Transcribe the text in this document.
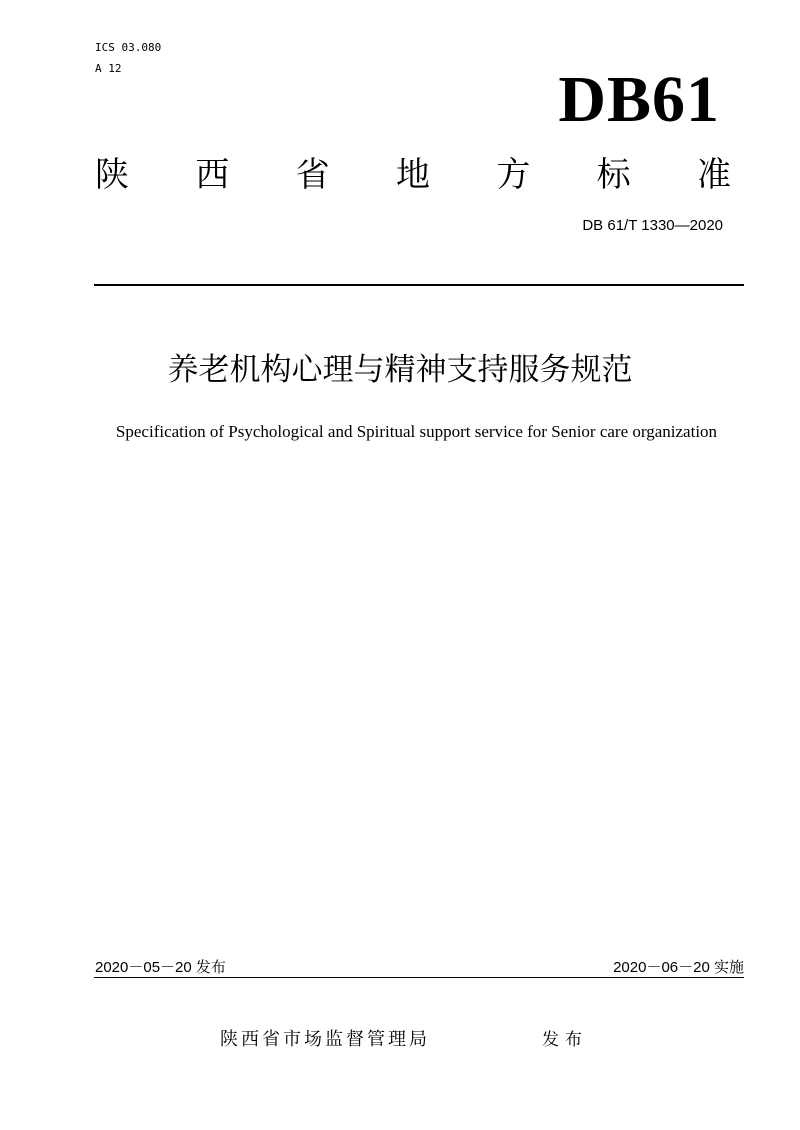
ICS 03.080
A 12	DB61
陕 西 省 地 方 标 准
DB 61/T 1330—2020
养老机构心理与精神支持服务规范
Specification of Psychological and Spiritual support service for Senior care organization
2020－05－20 发布	2020－06－20 实施
陕西省市场监督管理局	发布
